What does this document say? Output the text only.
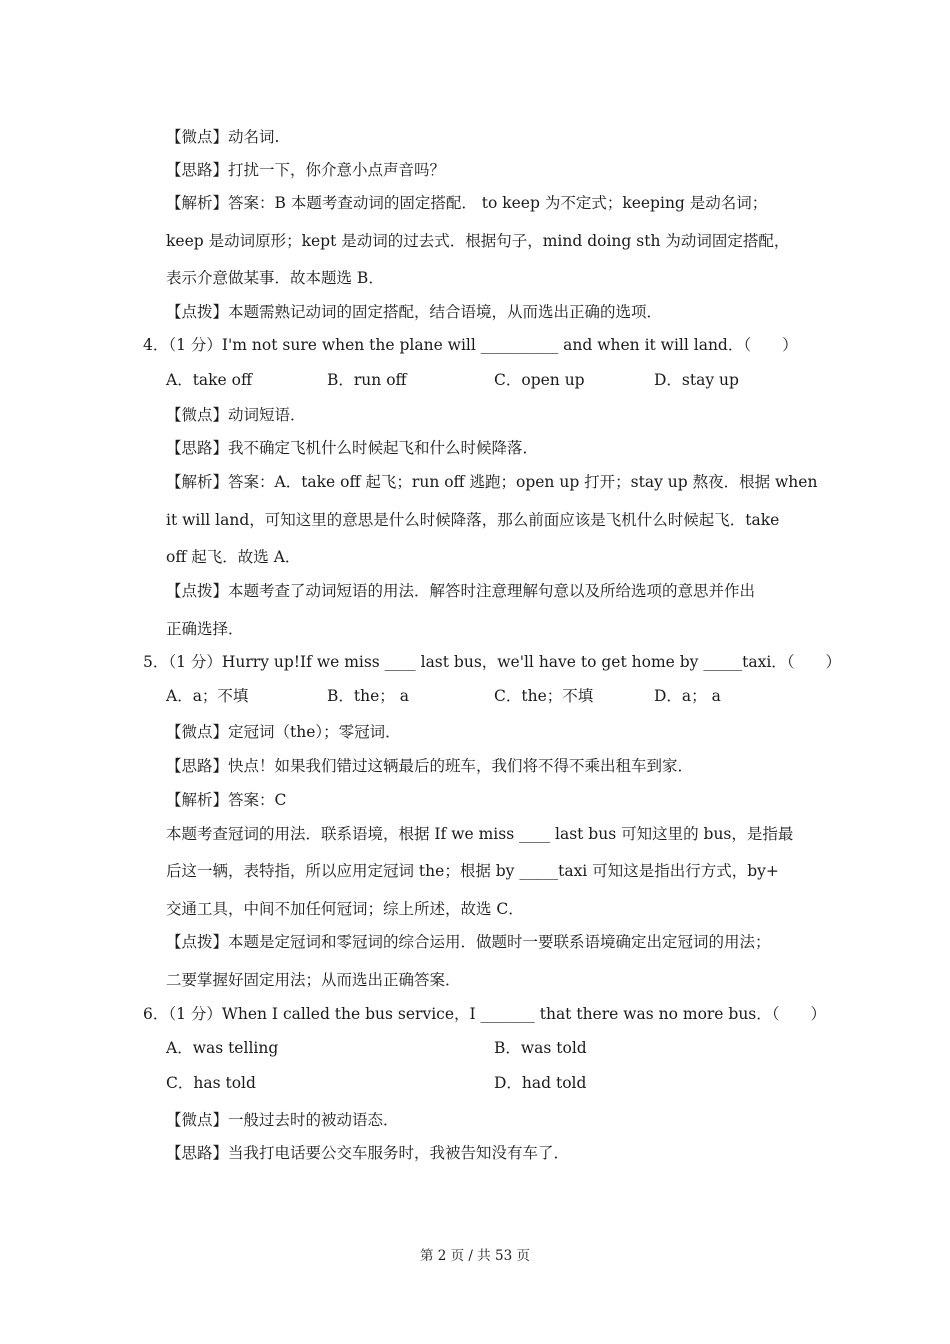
【微点】动名词.
【思路】打扰一下，你介意小点声音吗？
【解析】答案：B 本题考查动词的固定搭配． to keep 为不定式；keeping 是动名词；
keep 是动词原形；kept 是动词的过去式．根据句子，mind doing sth 为动词固定搭配，
表示介意做某事．故本题选 B．
【点拨】本题需熟记动词的固定搭配，结合语境，从而选出正确的选项．
4．（1 分）I'm not sure when the plane will __________ and when it will land．（　　）
A．take off	B．run off	C．open up	D．stay up
【微点】动词短语．
【思路】我不确定飞机什么时候起飞和什么时候降落．
【解析】答案：A．take off 起飞；run off 逃跑；open up 打开；stay up 熬夜．根据 when
it will land，可知这里的意思是什么时候降落，那么前面应该是飞机什么时候起飞．take
off 起飞．故选 A．
【点拨】本题考查了动词短语的用法．解答时注意理解句意以及所给选项的意思并作出
正确选择．
5．（1 分）Hurry up!If we miss ____ last bus，we'll have to get home by _____taxi．（　　）
A．a；不填	B．the； a	C．the；不填	D．a； a
【微点】定冠词（the）；零冠词．
【思路】快点！如果我们错过这辆最后的班车，我们将不得不乘出租车到家．
【解析】答案：C
本题考查冠词的用法．联系语境，根据 If we miss ____ last bus 可知这里的 bus，是指最
后这一辆，表特指，所以应用定冠词 the；根据 by _____taxi 可知这是指出行方式，by+
交通工具，中间不加任何冠词；综上所述，故选 C．
【点拨】本题是定冠词和零冠词的综合运用．做题时一要联系语境确定出定冠词的用法；
二要掌握好固定用法；从而选出正确答案．
6．（1 分）When I called the bus service，I _______ that there was no more bus．（　　）
A．was telling	B．was told
C．has told	D．had told
【微点】一般过去时的被动语态．
【思路】当我打电话要公交车服务时，我被告知没有车了．
第 2 页 / 共 53 页
